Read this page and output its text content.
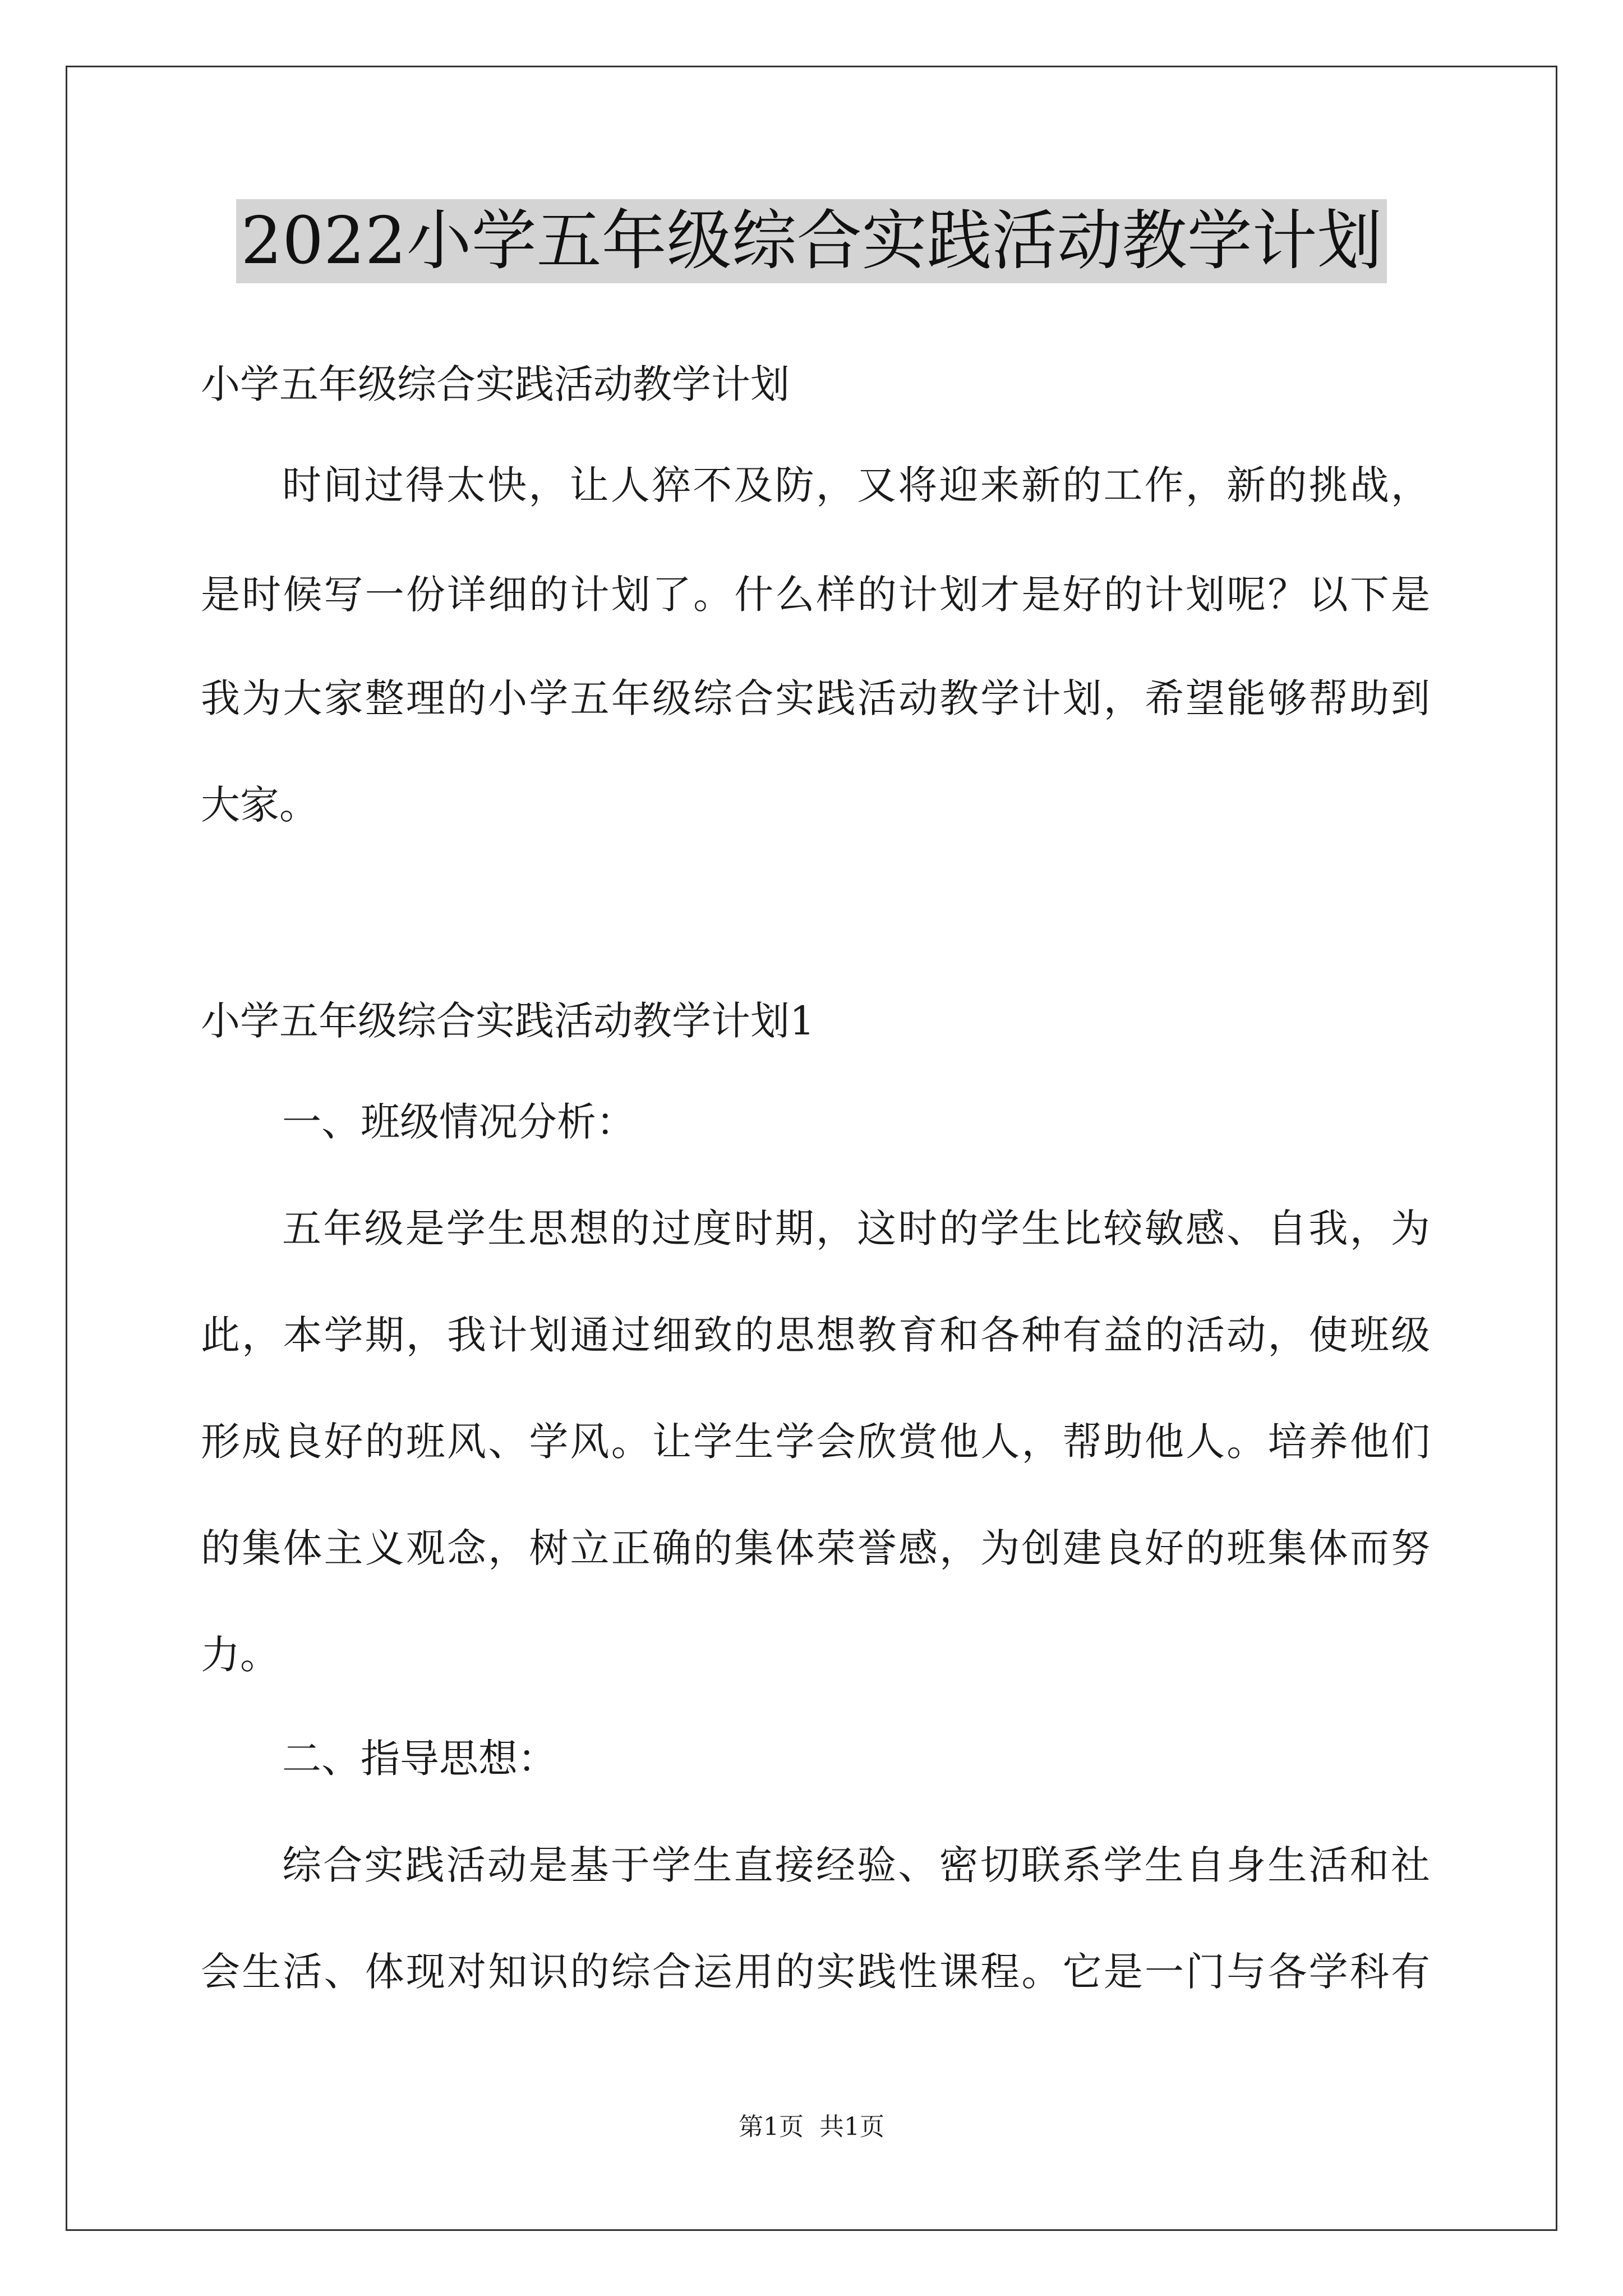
2022小学五年级综合实践活动教学计划
小学五年级综合实践活动教学计划
时 间 过 得 太 快 ， 让 人 猝 不 及 防 ， 又 将 迎 来 新 的 工 作 ， 新 的 挑 战 ，
是 时 候 写 一 份 详 细 的 计 划 了 。 什 么 样 的 计 划 才 是 好 的 计 划 呢 ？ 以 下 是
我 为 大 家 整 理 的 小 学 五 年 级 综 合 实 践 活 动 教 学 计 划 ， 希 望 能 够 帮 助 到
大家。
小学五年级综合实践活动教学计划1
一、班级情况分析：
五 年 级 是 学 生 思 想 的 过 度 时 期 ， 这 时 的 学 生 比 较 敏 感 、 自 我 ， 为
此 ， 本 学 期 ， 我 计 划 通 过 细 致 的 思 想 教 育 和 各 种 有 益 的 活 动 ， 使 班 级
形 成 良 好 的 班 风 、 学 风 。 让 学 生 学 会 欣 赏 他 人 ， 帮 助 他 人 。 培 养 他 们
的 集 体 主 义 观 念 ， 树 立 正 确 的 集 体 荣 誉 感 ， 为 创 建 良 好 的 班 集 体 而 努
力。
二、指导思想：
综 合 实 践 活 动 是 基 于 学 生 直 接 经 验 、 密 切 联 系 学 生 自 身 生 活 和 社
会 生 活 、 体 现 对 知 识 的 综 合 运 用 的 实 践 性 课 程 。 它 是 一 门 与 各 学 科 有
第1页 共1页
